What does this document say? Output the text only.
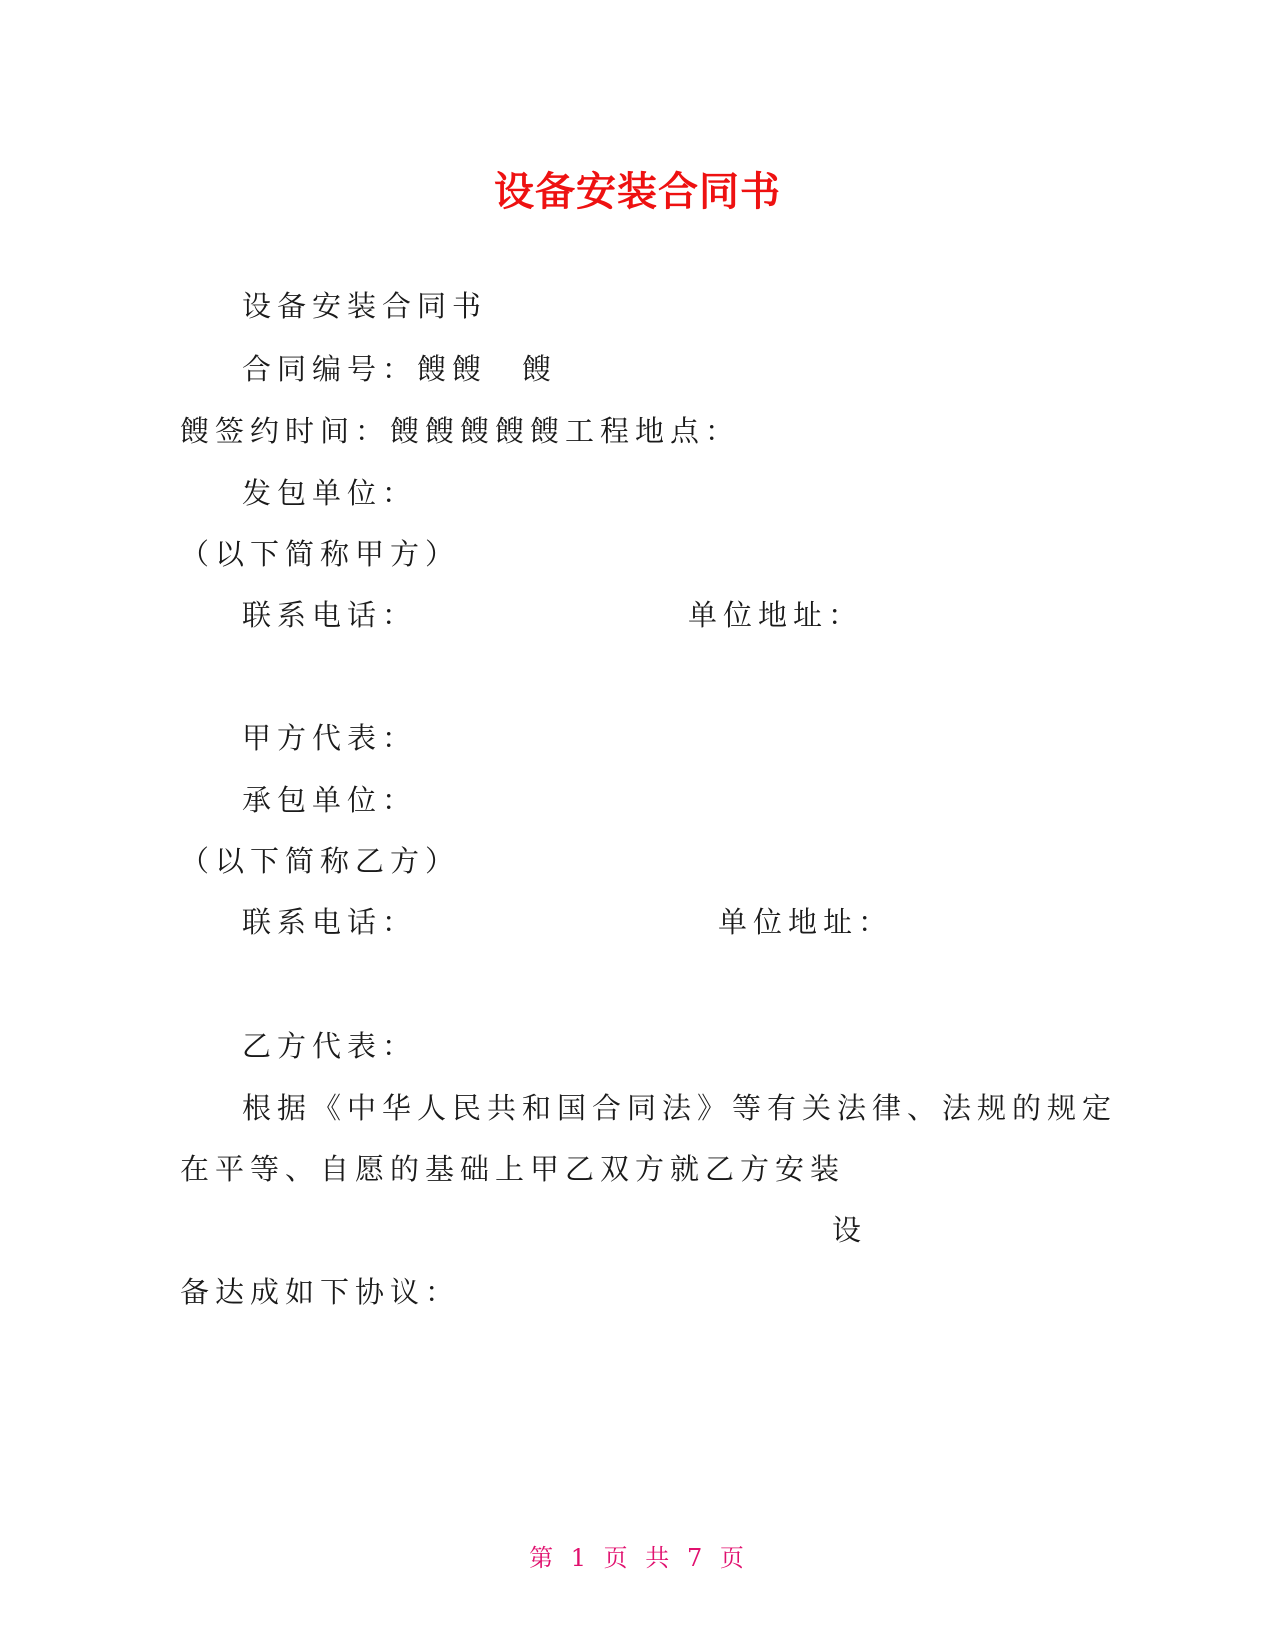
设备安装合同书
设备安装合同书
合同编号：餿餿　餿
餿签约时间：餿餿餿餿餿工程地点：
发包单位：
（以下简称甲方）
联系电话：	单位地址：
甲方代表：
承包单位：
（以下简称乙方）
联系电话：	单位地址：
乙方代表：
根据《中华人民共和国合同法》等有关法律、法规的规定
在平等、自愿的基础上甲乙双方就乙方安装
设
备达成如下协议：
第 1 页 共 7 页
